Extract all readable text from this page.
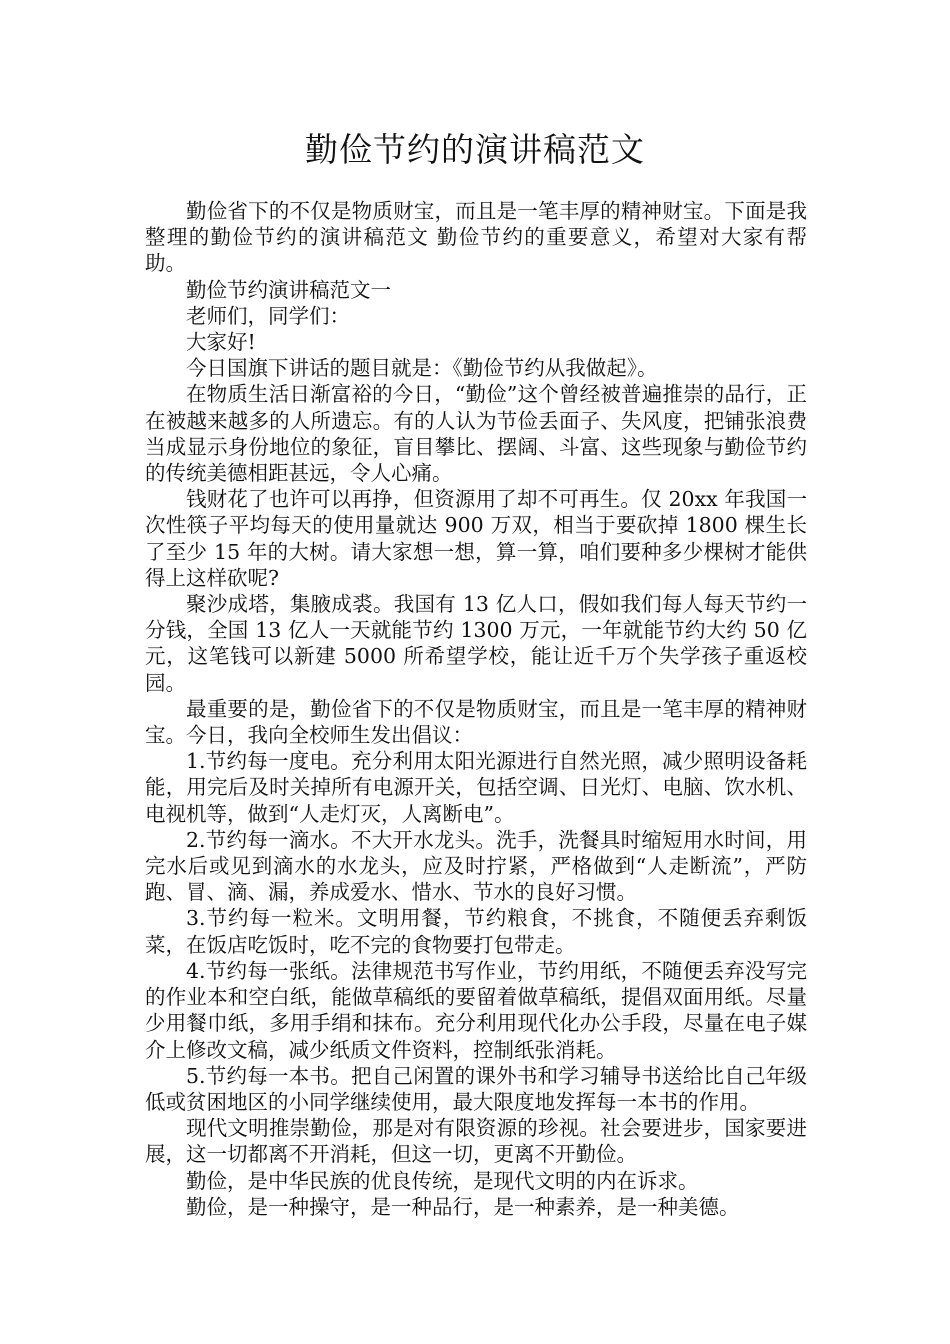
勤俭节约的演讲稿范文

勤俭省下的不仅是物质财宝，而且是一笔丰厚的精神财宝。下面是我整理的勤俭节约的演讲稿范文 勤俭节约的重要意义，希望对大家有帮助。

勤俭节约演讲稿范文一

老师们，同学们：

大家好!

今日国旗下讲话的题目就是：《勤俭节约从我做起》。

在物质生活日渐富裕的今日，“勤俭”这个曾经被普遍推崇的品行，正在被越来越多的人所遗忘。有的人认为节俭丢面子、失风度，把铺张浪费当成显示身份地位的象征，盲目攀比、摆阔、斗富、这些现象与勤俭节约的传统美德相距甚远，令人心痛。

钱财花了也许可以再挣，但资源用了却不可再生。仅 20xx 年我国一次性筷子平均每天的使用量就达 900 万双，相当于要砍掉 1800 棵生长了至少 15 年的大树。请大家想一想，算一算，咱们要种多少棵树才能供得上这样砍呢?

聚沙成塔，集腋成裘。我国有 13 亿人口，假如我们每人每天节约一分钱，全国 13 亿人一天就能节约 1300 万元，一年就能节约大约 50 亿元，这笔钱可以新建 5000 所希望学校，能让近千万个失学孩子重返校园。

最重要的是，勤俭省下的不仅是物质财宝，而且是一笔丰厚的精神财宝。今日，我向全校师生发出倡议：

1.节约每一度电。充分利用太阳光源进行自然光照，减少照明设备耗能，用完后及时关掉所有电源开关，包括空调、日光灯、电脑、饮水机、电视机等，做到“人走灯灭，人离断电”。

2.节约每一滴水。不大开水龙头。洗手，洗餐具时缩短用水时间，用完水后或见到滴水的水龙头，应及时拧紧，严格做到“人走断流”，严防跑、冒、滴、漏，养成爱水、惜水、节水的良好习惯。

3.节约每一粒米。文明用餐，节约粮食，不挑食，不随便丢弃剩饭菜，在饭店吃饭时，吃不完的食物要打包带走。

4.节约每一张纸。法律规范书写作业，节约用纸，不随便丢弃没写完的作业本和空白纸，能做草稿纸的要留着做草稿纸，提倡双面用纸。尽量少用餐巾纸，多用手绢和抹布。充分利用现代化办公手段，尽量在电子媒介上修改文稿，减少纸质文件资料，控制纸张消耗。

5.节约每一本书。把自己闲置的课外书和学习辅导书送给比自己年级低或贫困地区的小同学继续使用，最大限度地发挥每一本书的作用。

现代文明推崇勤俭，那是对有限资源的珍视。社会要进步，国家要进展，这一切都离不开消耗，但这一切，更离不开勤俭。

勤俭，是中华民族的优良传统，是现代文明的内在诉求。

勤俭，是一种操守，是一种品行，是一种素养，是一种美德。
